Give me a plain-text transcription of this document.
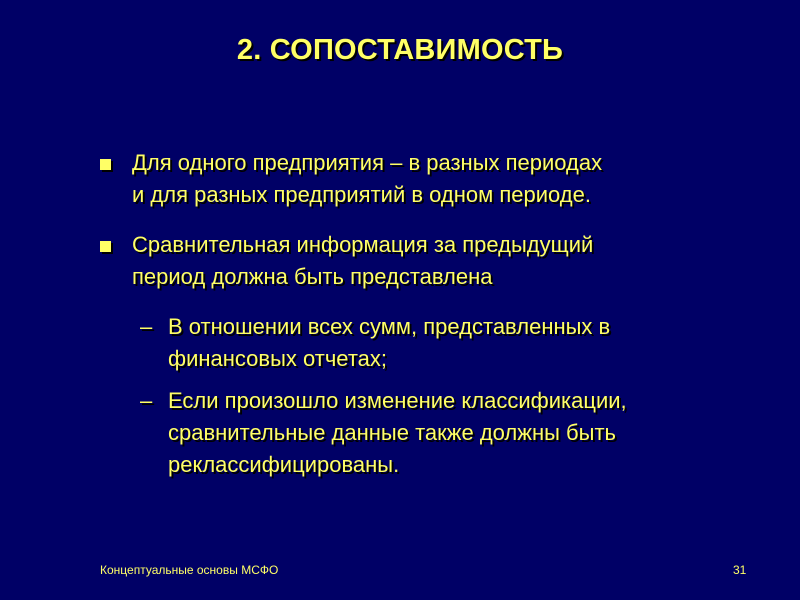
2. СОПОСТАВИМОСТЬ
Для одного предприятия – в разных периодах
и для разных предприятий в одном периоде.
Сравнительная информация за предыдущий
период должна быть представлена
– В отношении всех сумм, представленных в
финансовых отчетах;
– Если произошло изменение классификации,
сравнительные данные также должны быть
реклассифицированы.
Концептуальные основы МСФО	31
